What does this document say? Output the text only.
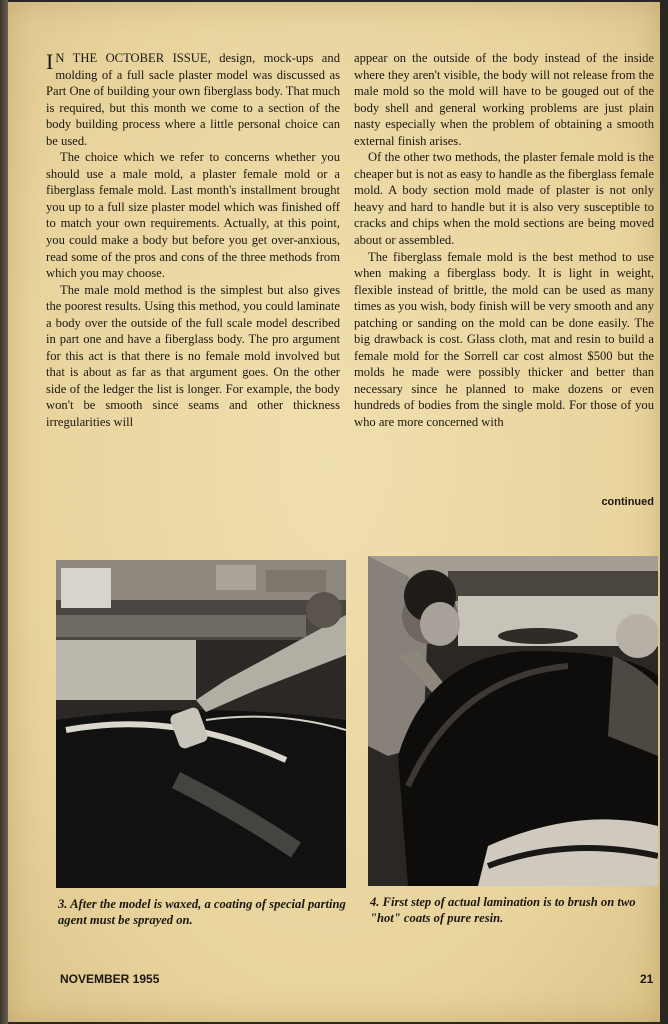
I N THE OCTOBER ISSUE, design, mock-ups and molding of a full sacle plaster model was discussed as Part One of building your own fiberglass body. That much is required, but this month we come to a section of the body building process where a little personal choice can be used.

The choice which we refer to concerns whether you should use a male mold, a plaster female mold or a fiberglass female mold. Last month's installment brought you up to a full size plaster model which was finished off to match your own requirements. Actually, at this point, you could make a body but before you get over-anxious, read some of the pros and cons of the three methods from which you may choose.

The male mold method is the simplest but also gives the poorest results. Using this method, you could laminate a body over the outside of the full scale model described in part one and have a fiberglass body. The pro argument for this act is that there is no female mold involved but that is about as far as that argument goes. On the other side of the ledger the list is longer. For example, the body won't be smooth since seams and other thickness irregularities will

appear on the outside of the body instead of the inside where they aren't visible, the body will not release from the male mold so the mold will have to be gouged out of the body shell and general working problems are just plain nasty especially when the problem of obtaining a smooth external finish arises.

Of the other two methods, the plaster female mold is the cheaper but is not as easy to handle as the fiberglass female mold. A body section mold made of plaster is not only heavy and hard to handle but it is also very susceptible to cracks and chips when the mold sections are being moved about or assembled.

The fiberglass female mold is the best method to use when making a fiberglass body. It is light in weight, flexible instead of brittle, the mold can be used as many times as you wish, body finish will be very smooth and any patching or sanding on the mold can be done easily. The big drawback is cost. Glass cloth, mat and resin to build a female mold for the Sorrell car cost almost $500 but the molds he made were possibly thicker and better than necessary since he planned to make dozens or even hundreds of bodies from the single mold. For those of you who are more concerned with

continued
3. After the model is waxed, a coating of special parting agent must be sprayed on.
4. First step of actual lamination is to brush on two "hot" coats of pure resin.
NOVEMBER 1955	21
